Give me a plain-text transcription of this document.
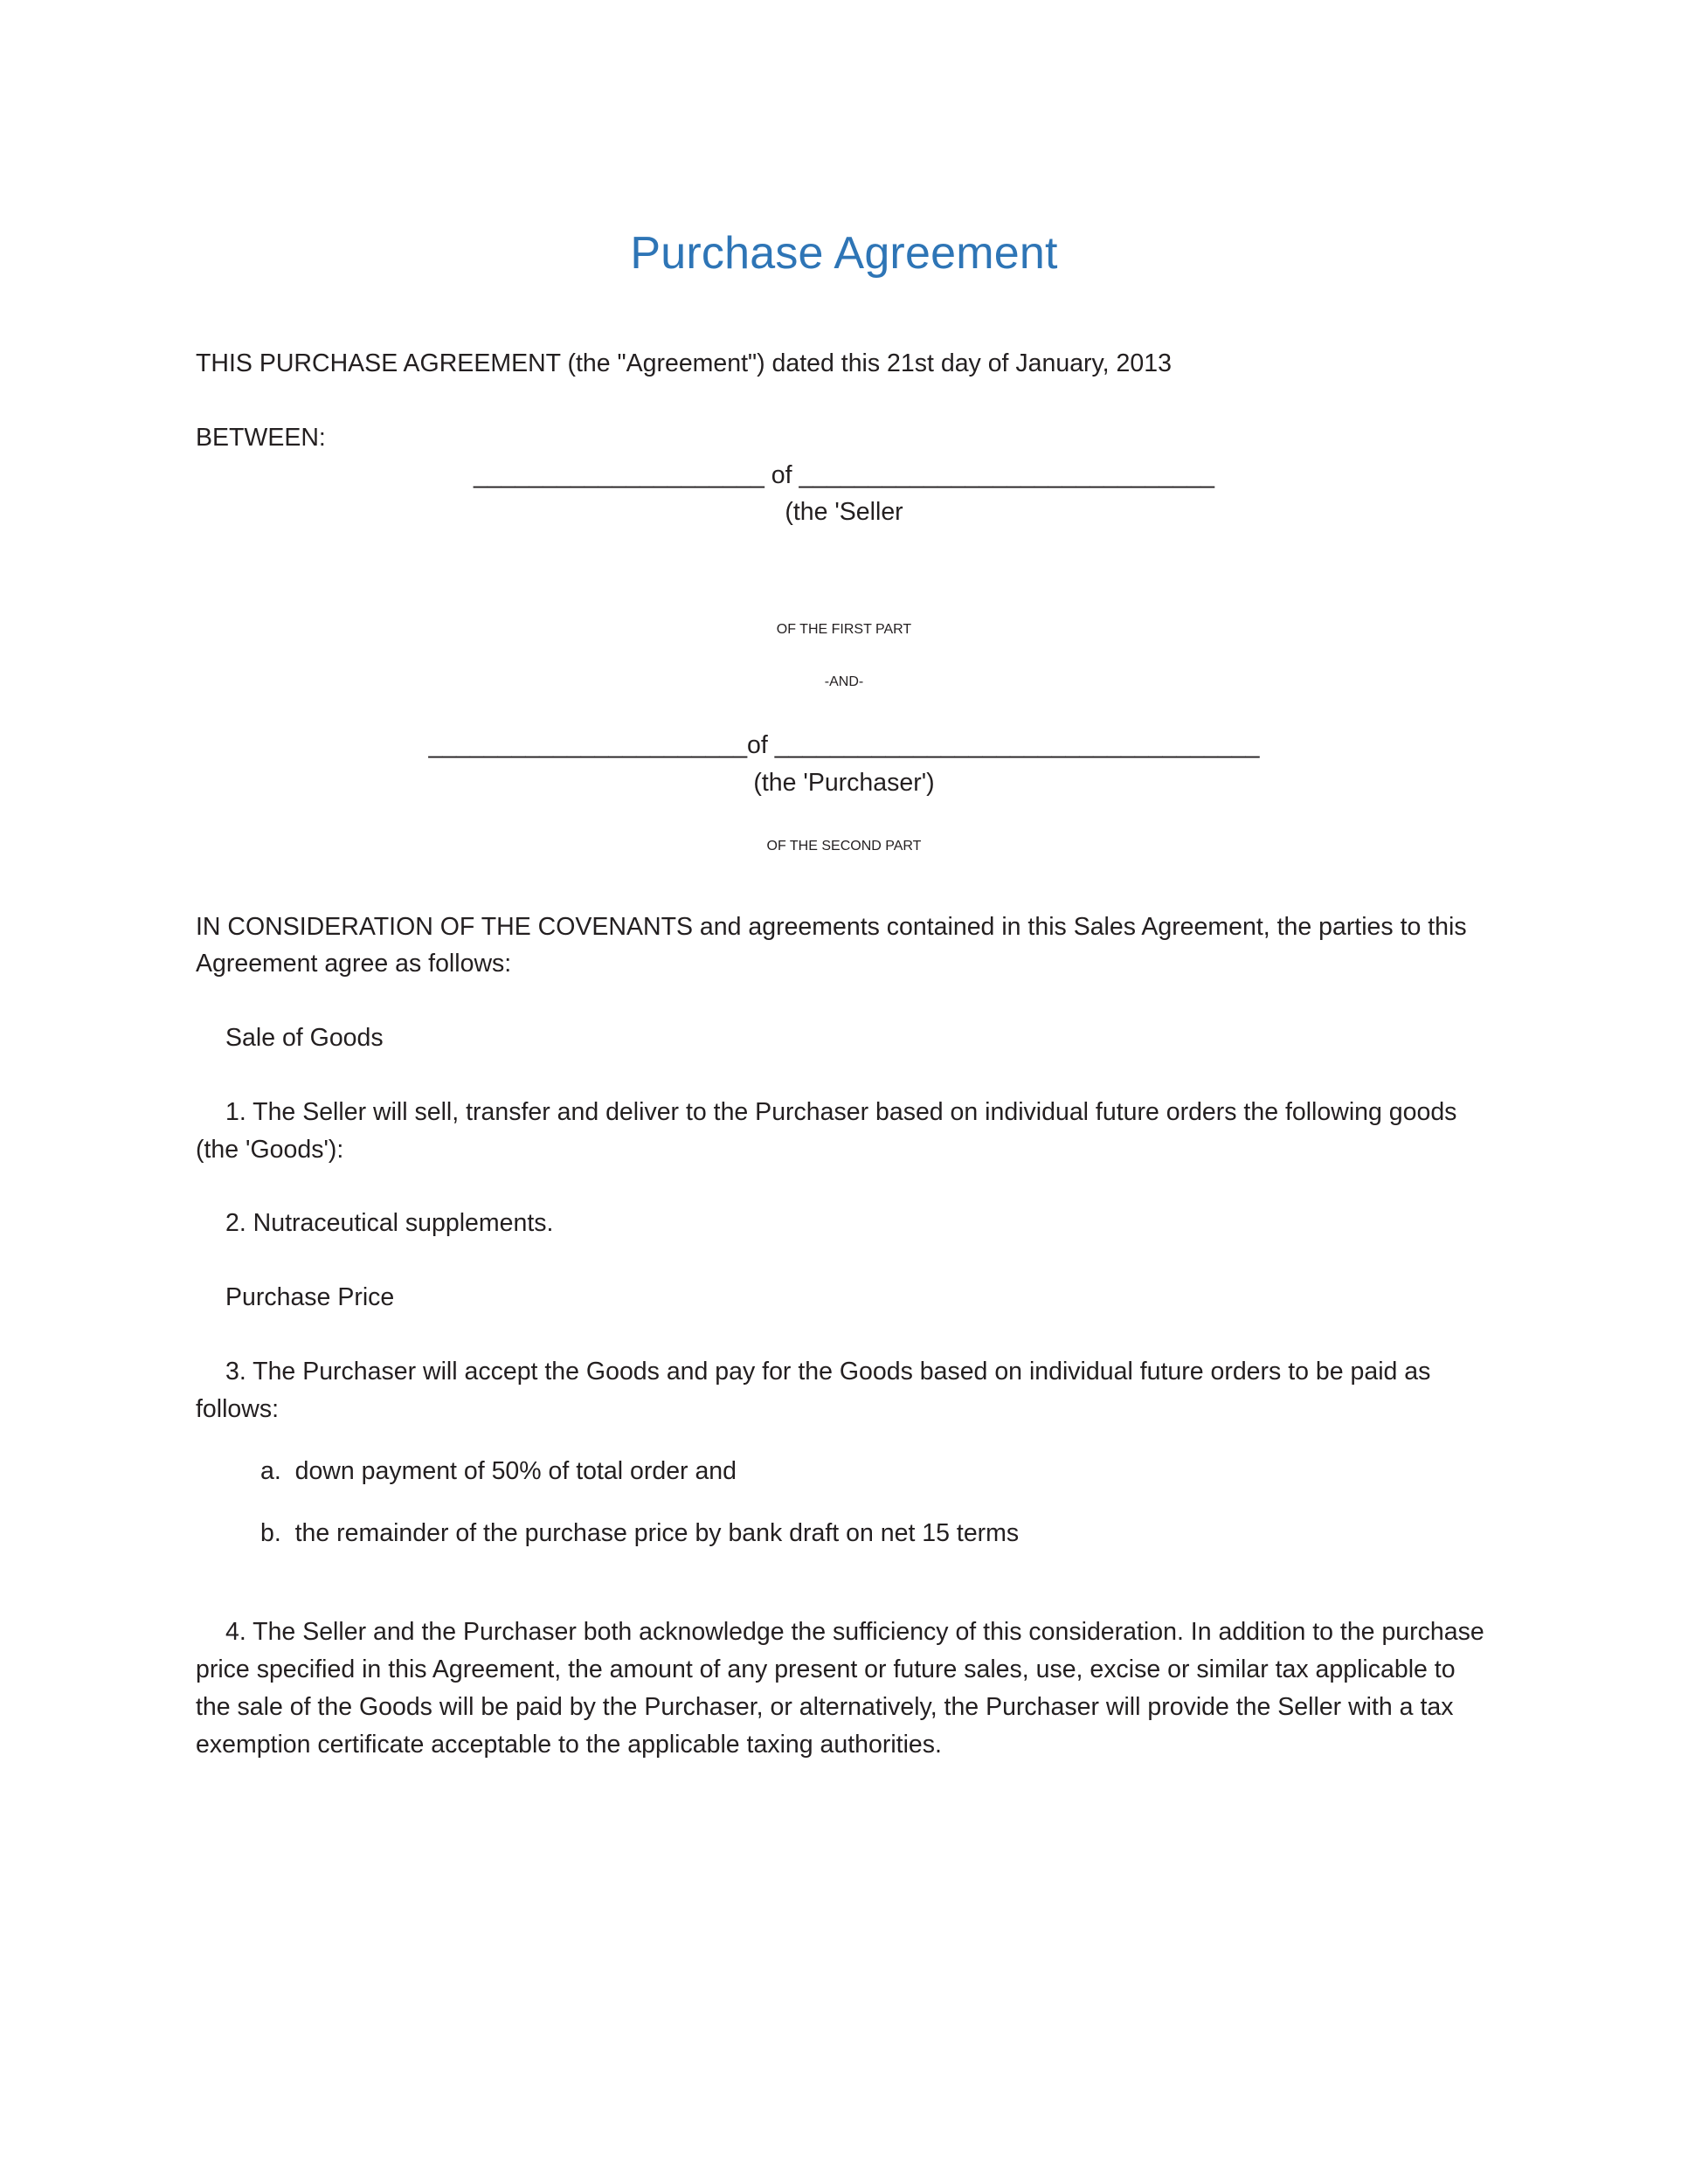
Purchase Agreement

THIS PURCHASE AGREEMENT (the "Agreement") dated this 21st day of January, 2013

BETWEEN:

_____________________ of ______________________________
(the 'Seller
OF THE FIRST PART
-AND-
_______________________of ___________________________________
(the 'Purchaser')
OF THE SECOND PART

IN CONSIDERATION OF THE COVENANTS and agreements contained in this Sales Agreement, the parties to this Agreement agree as follows:

Sale of Goods

1. The Seller will sell, transfer and deliver to the Purchaser based on individual future orders the following goods (the 'Goods'):

2. Nutraceutical supplements.

Purchase Price

3. The Purchaser will accept the Goods and pay for the Goods based on individual future orders to be paid as follows:

a.  down payment of 50% of total order and

b.  the remainder of the purchase price by bank draft on net 15 terms

4. The Seller and the Purchaser both acknowledge the sufficiency of this consideration. In addition to the purchase price specified in this Agreement, the amount of any present or future sales, use, excise or similar tax applicable to the sale of the Goods will be paid by the Purchaser, or alternatively, the Purchaser will provide the Seller with a tax exemption certificate acceptable to the applicable taxing authorities.
